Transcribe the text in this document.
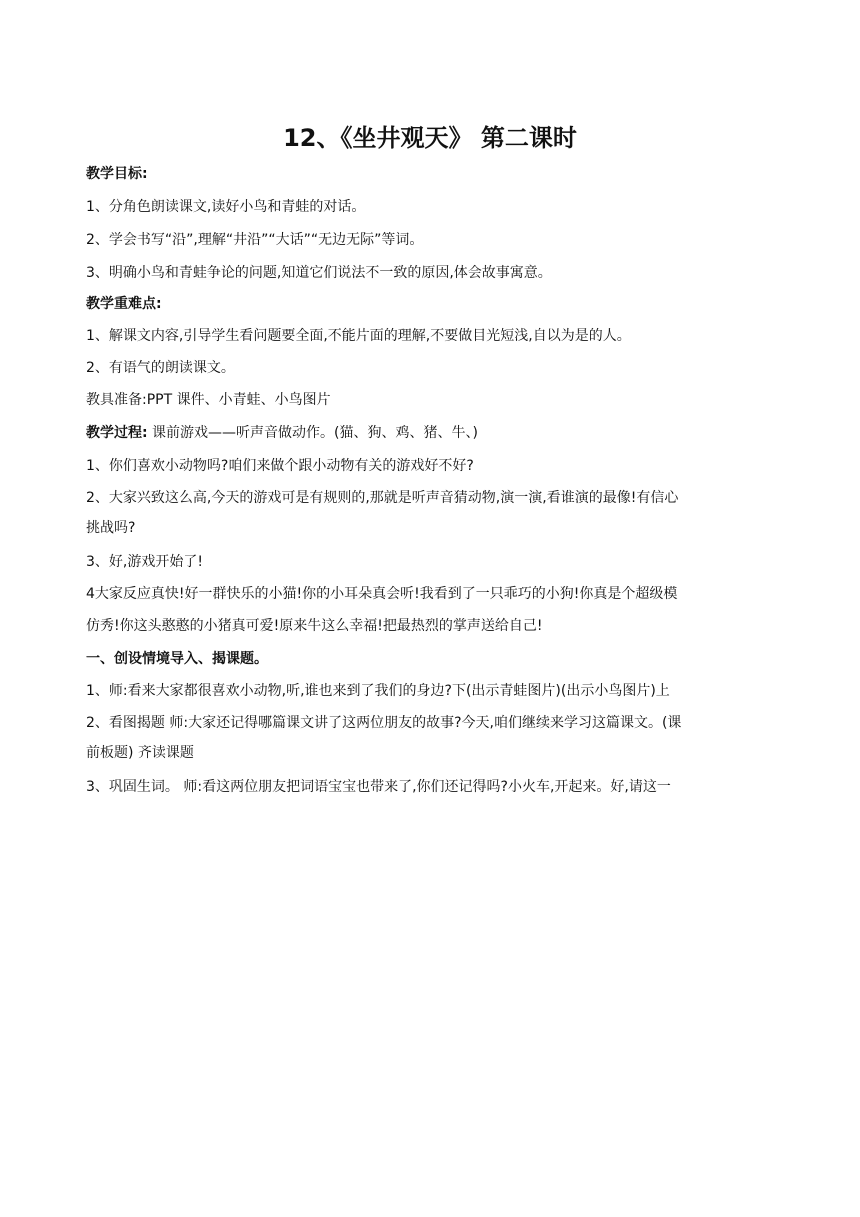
12、《坐井观天》 第二课时

教学目标:

1、分角色朗读课文,读好小鸟和青蛙的对话。

2、学会书写“沿”,理解“井沿”“大话”“无边无际”等词。

3、明确小鸟和青蛙争论的问题,知道它们说法不一致的原因,体会故事寓意。

教学重难点:

1、解课文内容,引导学生看问题要全面,不能片面的理解,不要做目光短浅,自以为是的人。

2、有语气的朗读课文。

教具准备:PPT 课件、小青蛙、小鸟图片

教学过程: 课前游戏——听声音做动作。(猫、狗、鸡、猪、牛、)

1、你们喜欢小动物吗?咱们来做个跟小动物有关的游戏好不好?

2、大家兴致这么高,今天的游戏可是有规则的,那就是听声音猜动物,演一演,看谁演的最像!有信心

挑战吗?

3、好,游戏开始了!

4大家反应真快!好一群快乐的小猫!你的小耳朵真会听!我看到了一只乖巧的小狗!你真是个超级模

仿秀!你这头憨憨的小猪真可爱!原来牛这么幸福!把最热烈的掌声送给自己!

一、创设情境导入、揭课题。

1、师:看来大家都很喜欢小动物,听,谁也来到了我们的身边?下(出示青蛙图片)(出示小鸟图片)上

2、看图揭题 师:大家还记得哪篇课文讲了这两位朋友的故事?今天,咱们继续来学习这篇课文。(课

前板题) 齐读课题

3、巩固生词。 师:看这两位朋友把词语宝宝也带来了,你们还记得吗?小火车,开起来。好,请这一
